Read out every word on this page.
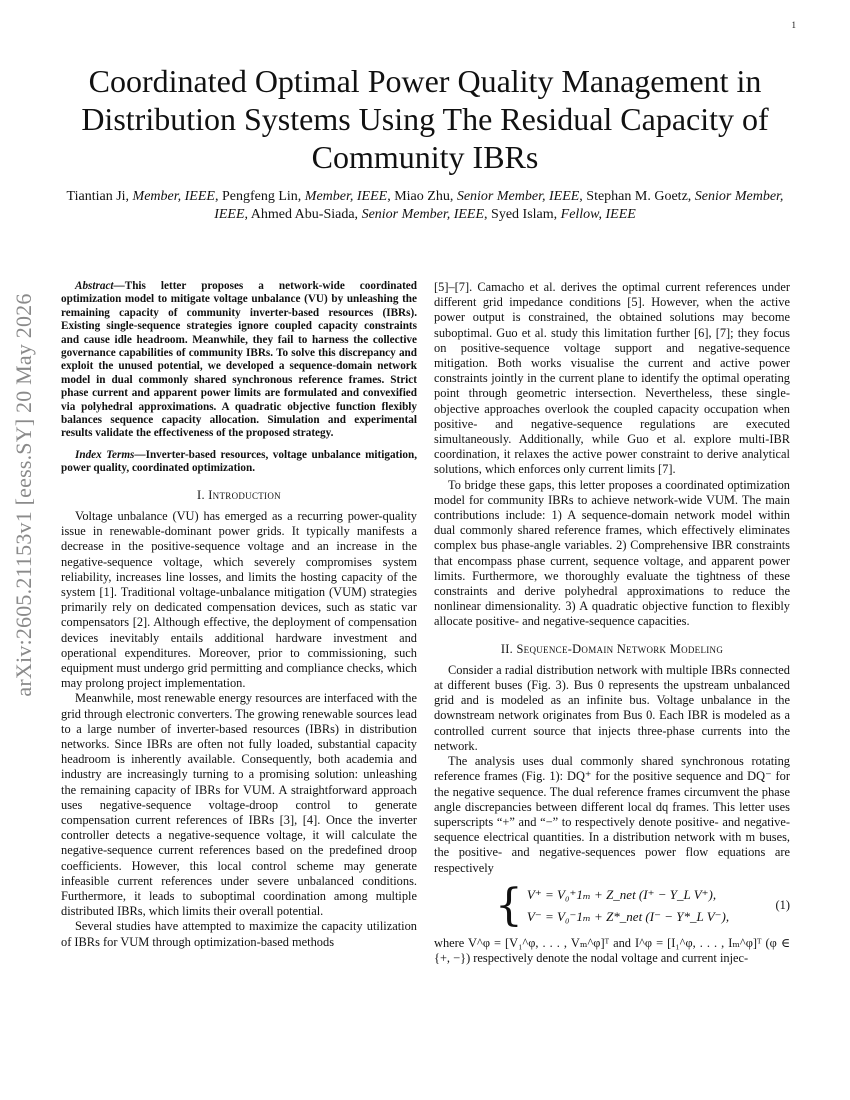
1
arXiv:2605.21153v1 [eess.SY] 20 May 2026
Coordinated Optimal Power Quality Management in Distribution Systems Using The Residual Capacity of Community IBRs

Tiantian Ji, Member, IEEE, Pengfeng Lin, Member, IEEE, Miao Zhu, Senior Member, IEEE, Stephan M. Goetz, Senior Member, IEEE, Ahmed Abu-Siada, Senior Member, IEEE, Syed Islam, Fellow, IEEE

Abstract—This letter proposes a network-wide coordinated optimization model to mitigate voltage unbalance (VU) by unleashing the remaining capacity of community inverter-based resources (IBRs). Existing single-sequence strategies ignore coupled capacity constraints and cause idle headroom. Meanwhile, they fail to harness the collective governance capabilities of community IBRs. To solve this discrepancy and exploit the unused potential, we developed a sequence-domain network model in dual commonly shared synchronous reference frames. Strict phase current and apparent power limits are formulated and convexified via polyhedral approximations. A quadratic objective function flexibly balances sequence capacity allocation. Simulation and experimental results validate the effectiveness of the proposed strategy.

Index Terms—Inverter-based resources, voltage unbalance mitigation, power quality, coordinated optimization.

I. Introduction

Voltage unbalance (VU) has emerged as a recurring power-quality issue in renewable-dominant power grids. It typically manifests a decrease in the positive-sequence voltage and an increase in the negative-sequence voltage, which severely compromises system reliability, increases line losses, and limits the hosting capacity of the system [1]. Traditional voltage-unbalance mitigation (VUM) strategies primarily rely on dedicated compensation devices, such as static var compensators [2]. Although effective, the deployment of compensation devices inevitably entails additional hardware investment and operational expenditures. Moreover, prior to commissioning, such equipment must undergo grid permitting and compliance checks, which may prolong project implementation.

Meanwhile, most renewable energy resources are interfaced with the grid through electronic converters. The growing renewable sources lead to a large number of inverter-based resources (IBRs) in distribution networks. Since IBRs are often not fully loaded, substantial capacity headroom is inherently available. Consequently, both academia and industry are increasingly turning to a promising solution: unleashing the remaining capacity of IBRs for VUM. A straightforward approach uses negative-sequence voltage-droop control to generate compensation current references of IBRs [3], [4]. Once the inverter controller detects a negative-sequence voltage, it will calculate the negative-sequence current references based on the predefined droop coefficients. However, this local control scheme may generate infeasible current references under severe unbalanced conditions. Furthermore, it leads to suboptimal coordination among multiple distributed IBRs, which limits their overall potential.

Several studies have attempted to maximize the capacity utilization of IBRs for VUM through optimization-based methods

[5]–[7]. Camacho et al. derives the optimal current references under different grid impedance conditions [5]. However, when the active power output is constrained, the obtained solutions may become suboptimal. Guo et al. study this limitation further [6], [7]; they focus on positive-sequence voltage support and negative-sequence mitigation. Both works visualise the current and active power constraints jointly in the current plane to identify the optimal operating point through geometric intersection. Nevertheless, these single-objective approaches overlook the coupled capacity occupation when positive- and negative-sequence regulations are executed simultaneously. Additionally, while Guo et al. explore multi-IBR coordination, it relaxes the active power constraint to derive analytical solutions, which enforces only current limits [7].

To bridge these gaps, this letter proposes a coordinated optimization model for community IBRs to achieve network-wide VUM. The main contributions include: 1) A sequence-domain network model within dual commonly shared reference frames, which effectively eliminates complex bus phase-angle variables. 2) Comprehensive IBR constraints that encompass phase current, sequence voltage, and apparent power limits. Furthermore, we thoroughly evaluate the tightness of these constraints and derive polyhedral approximations to reduce the nonlinear dimensionality. 3) A quadratic objective function to flexibly allocate positive- and negative-sequence capacities.

II. Sequence-Domain Network Modeling

Consider a radial distribution network with multiple IBRs connected at different buses (Fig. 3). Bus 0 represents the upstream unbalanced grid and is modeled as an infinite bus. Voltage unbalance in the downstream network originates from Bus 0. Each IBR is modeled as a controlled current source that injects three-phase currents into the network.

The analysis uses dual commonly shared synchronous rotating reference frames (Fig. 1): DQ⁺ for the positive sequence and DQ⁻ for the negative sequence. The dual reference frames circumvent the phase angle discrepancies between different local dq frames. This letter uses superscripts “+” and “−” to respectively denote positive- and negative-sequence electrical quantities. In a distribution network with m buses, the positive- and negative-sequences power flow equations are respectively

{ V⁺ = V₀⁺1ₘ + Z_net (I⁺ − Y_L V⁺),
V⁻ = V₀⁻1ₘ + Z*_net (I⁻ − Y*_L V⁻),
(1)

where V^φ = [V₁^φ, . . . , Vₘ^φ]ᵀ and I^φ = [I₁^φ, . . . , Iₘ^φ]ᵀ (φ ∈ {+, −}) respectively denote the nodal voltage and current injec-
